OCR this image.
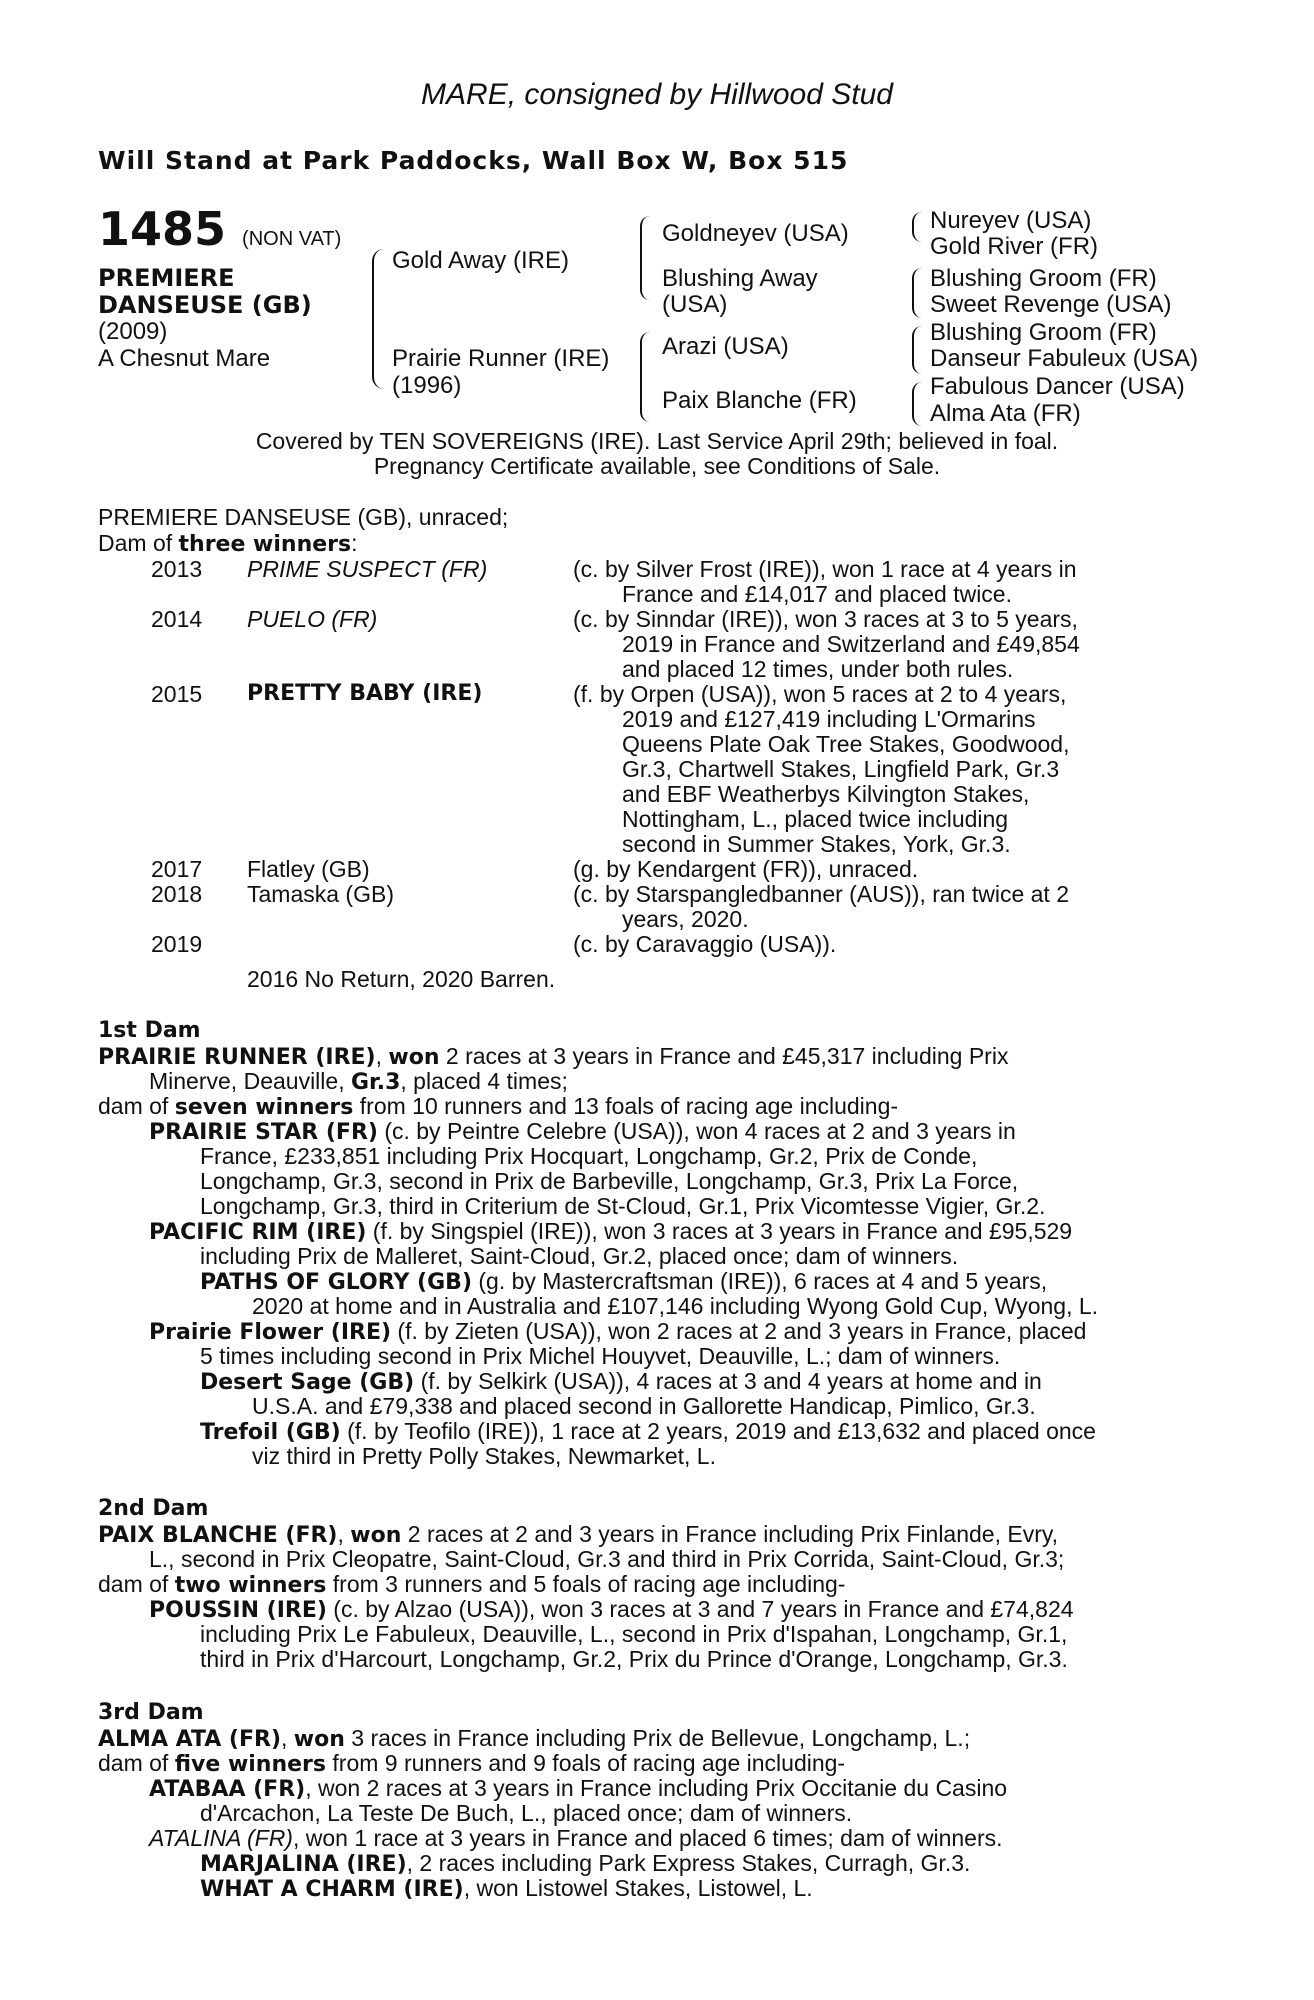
MARE, consigned by Hillwood Stud
Will Stand at Park Paddocks, Wall Box W, Box 515
1485 (NON VAT)
PREMIERE
DANSEUSE (GB)
(2009)
A Chesnut Mare
Gold Away (IRE)
Prairie Runner (IRE)
(1996)
Goldneyev (USA)
Blushing Away
(USA)
Arazi (USA)
Paix Blanche (FR)
Nureyev (USA)
Gold River (FR)
Blushing Groom (FR)
Sweet Revenge (USA)
Blushing Groom (FR)
Danseur Fabuleux (USA)
Fabulous Dancer (USA)
Alma Ata (FR)
Covered by TEN SOVEREIGNS (IRE). Last Service April 29th; believed in foal.
Pregnancy Certificate available, see Conditions of Sale.
PREMIERE DANSEUSE (GB), unraced;
Dam of three winners:
2013 PRIME SUSPECT (FR)	(c. by Silver Frost (IRE)), won 1 race at 4 years in
France and £14,017 and placed twice.
2014 PUELO (FR)	(c. by Sinndar (IRE)), won 3 races at 3 to 5 years,
2019 in France and Switzerland and £49,854
and placed 12 times, under both rules.
2015 PRETTY BABY (IRE)	(f. by Orpen (USA)), won 5 races at 2 to 4 years,
2019 and £127,419 including L'Ormarins
Queens Plate Oak Tree Stakes, Goodwood,
Gr.3, Chartwell Stakes, Lingfield Park, Gr.3
and EBF Weatherbys Kilvington Stakes,
Nottingham, L., placed twice including
second in Summer Stakes, York, Gr.3.
2017 Flatley (GB)	(g. by Kendargent (FR)), unraced.
2018 Tamaska (GB)	(c. by Starspangledbanner (AUS)), ran twice at 2
years, 2020.
2019	(c. by Caravaggio (USA)).
2016 No Return, 2020 Barren.
1st Dam
PRAIRIE RUNNER (IRE), won 2 races at 3 years in France and £45,317 including Prix
Minerve, Deauville, Gr.3, placed 4 times;
dam of seven winners from 10 runners and 13 foals of racing age including-
PRAIRIE STAR (FR) (c. by Peintre Celebre (USA)), won 4 races at 2 and 3 years in
France, £233,851 including Prix Hocquart, Longchamp, Gr.2, Prix de Conde,
Longchamp, Gr.3, second in Prix de Barbeville, Longchamp, Gr.3, Prix La Force,
Longchamp, Gr.3, third in Criterium de St-Cloud, Gr.1, Prix Vicomtesse Vigier, Gr.2.
PACIFIC RIM (IRE) (f. by Singspiel (IRE)), won 3 races at 3 years in France and £95,529
including Prix de Malleret, Saint-Cloud, Gr.2, placed once; dam of winners.
PATHS OF GLORY (GB) (g. by Mastercraftsman (IRE)), 6 races at 4 and 5 years,
2020 at home and in Australia and £107,146 including Wyong Gold Cup, Wyong, L.
Prairie Flower (IRE) (f. by Zieten (USA)), won 2 races at 2 and 3 years in France, placed
5 times including second in Prix Michel Houyvet, Deauville, L.; dam of winners.
Desert Sage (GB) (f. by Selkirk (USA)), 4 races at 3 and 4 years at home and in
U.S.A. and £79,338 and placed second in Gallorette Handicap, Pimlico, Gr.3.
Trefoil (GB) (f. by Teofilo (IRE)), 1 race at 2 years, 2019 and £13,632 and placed once
viz third in Pretty Polly Stakes, Newmarket, L.
2nd Dam
PAIX BLANCHE (FR), won 2 races at 2 and 3 years in France including Prix Finlande, Evry,
L., second in Prix Cleopatre, Saint-Cloud, Gr.3 and third in Prix Corrida, Saint-Cloud, Gr.3;
dam of two winners from 3 runners and 5 foals of racing age including-
POUSSIN (IRE) (c. by Alzao (USA)), won 3 races at 3 and 7 years in France and £74,824
including Prix Le Fabuleux, Deauville, L., second in Prix d'Ispahan, Longchamp, Gr.1,
third in Prix d'Harcourt, Longchamp, Gr.2, Prix du Prince d'Orange, Longchamp, Gr.3.
3rd Dam
ALMA ATA (FR), won 3 races in France including Prix de Bellevue, Longchamp, L.;
dam of five winners from 9 runners and 9 foals of racing age including-
ATABAA (FR), won 2 races at 3 years in France including Prix Occitanie du Casino
d'Arcachon, La Teste De Buch, L., placed once; dam of winners.
ATALINA (FR), won 1 race at 3 years in France and placed 6 times; dam of winners.
MARJALINA (IRE), 2 races including Park Express Stakes, Curragh, Gr.3.
WHAT A CHARM (IRE), won Listowel Stakes, Listowel, L.
